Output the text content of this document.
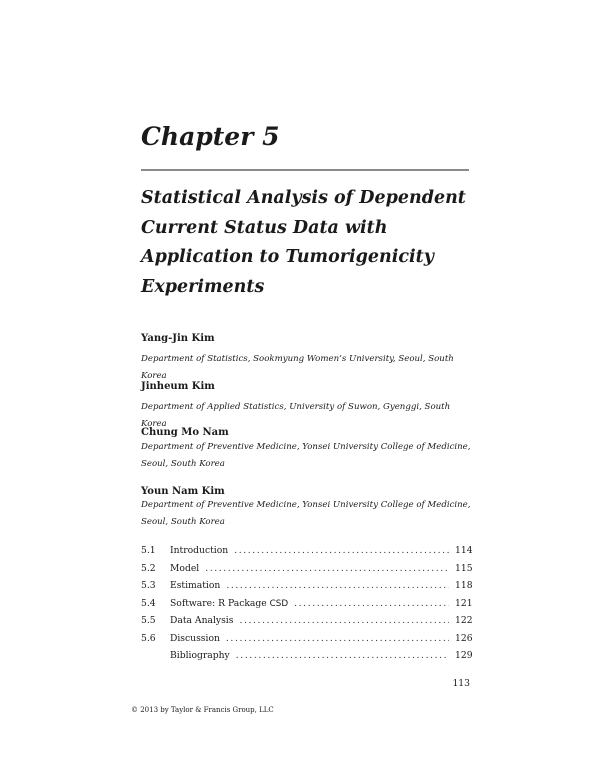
Chapter 5
Statistical Analysis of Dependent
Current Status Data with
Application to Tumorigenicity
Experiments

Yang-Jin Kim

Department of Statistics, Sookmyung Women’s University, Seoul, South Korea

Jinheum Kim

Department of Applied Statistics, University of Suwon, Gyenggi, South Korea

Chung Mo Nam

Department of Preventive Medicine, Yonsei University College of Medicine,

Seoul, South Korea

Youn Nam Kim

Department of Preventive Medicine, Yonsei University College of Medicine,

Seoul, South Korea

5.1	Introduction .....	114
5.2	Model .....	115
5.3	Estimation .....	118
5.4	Software: R Package CSD .....	121
5.5	Data Analysis .....	122
5.6	Discussion .....	126
Bibliography .....	129

113

© 2013 by Taylor & Francis Group, LLC
